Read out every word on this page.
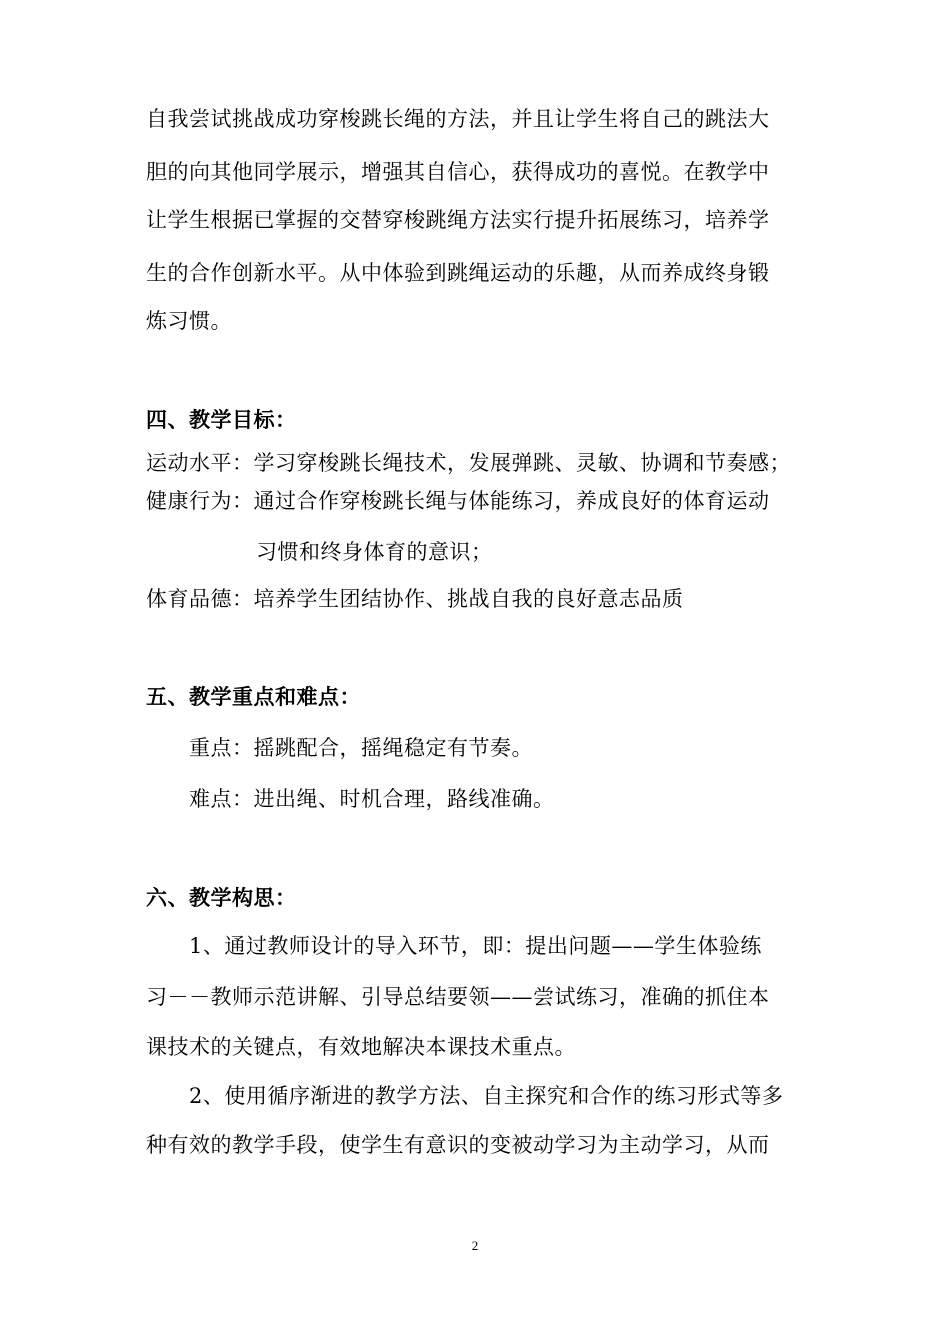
自我尝试挑战成功穿梭跳长绳的方法，并且让学生将自己的跳法大
胆的向其他同学展示，增强其自信心，获得成功的喜悦。在教学中
让学生根据已掌握的交替穿梭跳绳方法实行提升拓展练习，培养学
生的合作创新水平。从中体验到跳绳运动的乐趣，从而养成终身锻
炼习惯。
四、教学目标：
运动水平：学习穿梭跳长绳技术，发展弹跳、灵敏、协调和节奏感；
健康行为：通过合作穿梭跳长绳与体能练习，养成良好的体育运动
习惯和终身体育的意识；
体育品德：培养学生团结协作、挑战自我的良好意志品质
五、教学重点和难点：
重点：摇跳配合，摇绳稳定有节奏。
难点：进出绳、时机合理，路线准确。
六、教学构思：
1、通过教师设计的导入环节，即：提出问题——学生体验练
习－－教师示范讲解、引导总结要领——尝试练习，准确的抓住本
课技术的关键点，有效地解决本课技术重点。
2、使用循序渐进的教学方法、自主探究和合作的练习形式等多
种有效的教学手段，使学生有意识的变被动学习为主动学习，从而
2
